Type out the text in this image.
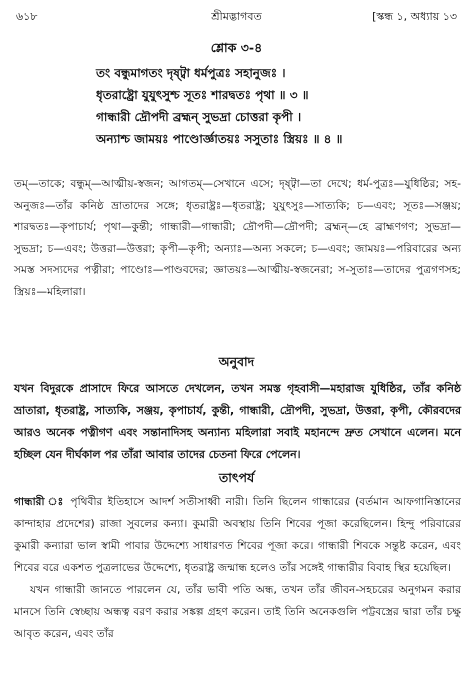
৬১৮	শ্রীমদ্ভাগবত	[স্কন্ধ ১, অধ্যায় ১৩
শ্লোক ৩-৪
তং বন্ধুমাগতং দৃষ্ট্বা ধর্মপুত্রঃ সহানুজঃ ।
ধৃতরাষ্ট্রো যুযুৎসুশ্চ সূতঃ শারদ্বতঃ পৃথা ॥ ৩ ॥
গান্ধারী দ্রৌপদী ব্রহ্মন্‌ সুভদ্রা চোত্তরা কৃপী ।
অন্যাশ্চ জাময়ঃ পাণ্ডোর্জ্ঞাতয়ঃ সসুতাঃ স্ত্রিয়ঃ ॥ ৪ ॥

তম্‌—তাকে; বন্ধুম্‌—আত্মীয়-স্বজন; আগতম্‌—সেখানে এসে; দৃষ্ট্বা—তা দেখে; ধর্ম-পুত্রঃ—যুধিষ্ঠির; সহ-অনুজঃ—তাঁর কনিষ্ঠ ভ্রাতাদের সঙ্গে; ধৃতরাষ্ট্রঃ—ধৃতরাষ্ট্র; যুযুৎসুঃ—সাত্যকি; চ—এবং; সূতঃ—সঞ্জয়; শারদ্বতঃ—কৃপাচার্য; পৃথা—কুন্তী; গান্ধারী—গান্ধারী; দ্রৌপদী—দ্রৌপদী; ব্রহ্মন্‌—হে ব্রাহ্মণগণ; সুভদ্রা—সুভদ্রা; চ—এবং; উত্তরা—উত্তরা; কৃপী—কৃপী; অন্যাঃ—অন্য সকলে; চ—এবং; জাময়ঃ—পরিবারের অন্য সমস্ত সদস্যদের পত্নীরা; পাণ্ডোঃ—পাণ্ডবদের; জ্ঞাতয়ঃ—আত্মীয়-স্বজনেরা; স-সুতাঃ—তাদের পুত্রগণসহ; স্ত্রিয়ঃ—মহিলারা।

অনুবাদ
যখন বিদুরকে প্রাসাদে ফিরে আসতে দেখলেন, তখন সমস্ত গৃহবাসী—মহারাজ যুধিষ্ঠির, তাঁর কনিষ্ঠ ভ্রাতারা, ধৃতরাষ্ট্র, সাত্যকি, সঞ্জয়, কৃপাচার্য, কুন্তী, গান্ধারী, দ্রৌপদী, সুভদ্রা, উত্তরা, কৃপী, কৌরবদের আরও অনেক পত্নীগণ এবং সন্তানাদিসহ অন্যান্য মহিলারা সবাই মহানন্দে দ্রুত সেখানে এলেন। মনে হচ্ছিল যেন দীর্ঘকাল পর তাঁরা আবার তাদের চেতনা ফিরে পেলেন।
তাৎপর্য

গান্ধারী ঃ পৃথিবীর ইতিহাসে আদর্শ সতীসাধ্বী নারী। তিনি ছিলেন গান্ধারের (বর্তমান আফগানিস্তানের কান্দাহার প্রদেশের) রাজা সুবলের কন্যা। কুমারী অবস্থায় তিনি শিবের পূজা করেছিলেন। হিন্দু পরিবারের কুমারী কন্যারা ভাল স্বামী পাবার উদ্দেশ্যে সাধারণত শিবের পূজা করে। গান্ধারী শিবকে সন্তুষ্ট করেন, এবং শিবের বরে একশত পুত্রলাভের উদ্দেশ্যে, ধৃতরাষ্ট্র জন্মান্ধ হলেও তাঁর সঙ্গেই গান্ধারীর বিবাহ স্থির হয়েছিল।

যখন গান্ধারী জানতে পারলেন যে, তাঁর ভাবী পতি অন্ধ, তখন তাঁর জীবন-সহচরের অনুগমন করার মানসে তিনি স্বেচ্ছায় অন্ধত্ব বরণ করার সঙ্কল্প গ্রহণ করেন। তাই তিনি অনেকগুলি পট্টবস্ত্রের দ্বারা তাঁর চক্ষু আবৃত করেন, এবং তাঁর
